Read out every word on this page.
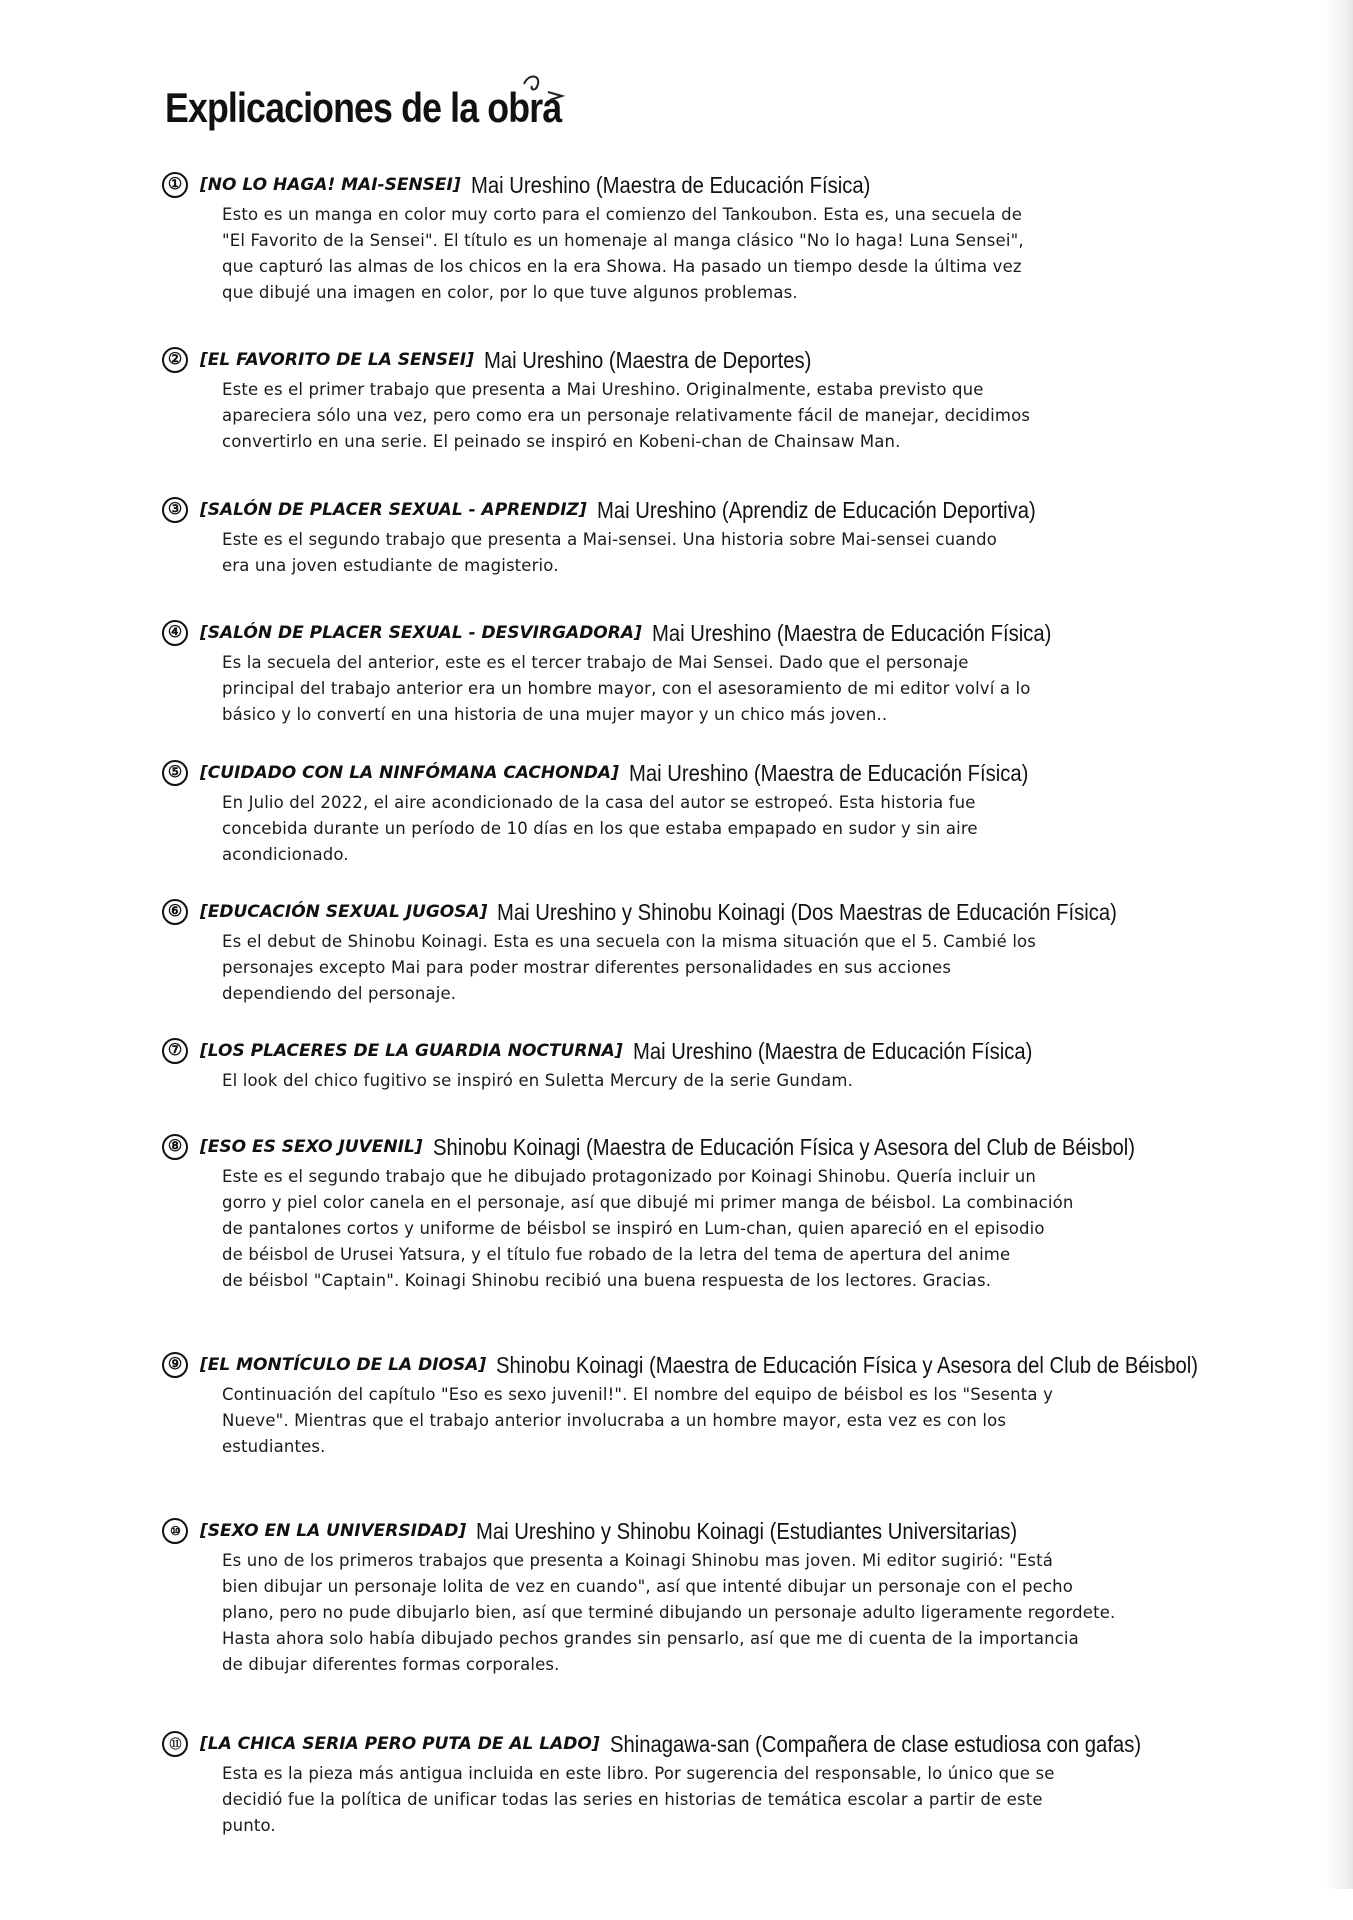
Explicaciones de la obra
①	[NO LO HAGA! MAI-SENSEI] Mai Ureshino (Maestra de Educación Física)
Esto es un manga en color muy corto para el comienzo del Tankoubon. Esta es, una secuela de
"El Favorito de la Sensei". El título es un homenaje al manga clásico "No lo haga! Luna Sensei",
que capturó las almas de los chicos en la era Showa. Ha pasado un tiempo desde la última vez
que dibujé una imagen en color, por lo que tuve algunos problemas.
②	[EL FAVORITO DE LA SENSEI] Mai Ureshino (Maestra de Deportes)
Este es el primer trabajo que presenta a Mai Ureshino. Originalmente, estaba previsto que
apareciera sólo una vez, pero como era un personaje relativamente fácil de manejar, decidimos
convertirlo en una serie. El peinado se inspiró en Kobeni-chan de Chainsaw Man.
③	[SALÓN DE PLACER SEXUAL - APRENDIZ] Mai Ureshino (Aprendiz de Educación Deportiva)
Este es el segundo trabajo que presenta a Mai-sensei. Una historia sobre Mai-sensei cuando
era una joven estudiante de magisterio.
④	[SALÓN DE PLACER SEXUAL - DESVIRGADORA] Mai Ureshino (Maestra de Educación Física)
Es la secuela del anterior, este es el tercer trabajo de Mai Sensei. Dado que el personaje
principal del trabajo anterior era un hombre mayor, con el asesoramiento de mi editor volví a lo
básico y lo convertí en una historia de una mujer mayor y un chico más joven..
⑤	[CUIDADO CON LA NINFÓMANA CACHONDA] Mai Ureshino (Maestra de Educación Física)
En Julio del 2022, el aire acondicionado de la casa del autor se estropeó. Esta historia fue
concebida durante un período de 10 días en los que estaba empapado en sudor y sin aire
acondicionado.
⑥	[EDUCACIÓN SEXUAL JUGOSA] Mai Ureshino y Shinobu Koinagi (Dos Maestras de Educación Física)
Es el debut de Shinobu Koinagi. Esta es una secuela con la misma situación que el 5. Cambié los
personajes excepto Mai para poder mostrar diferentes personalidades en sus acciones
dependiendo del personaje.
⑦	[LOS PLACERES DE LA GUARDIA NOCTURNA] Mai Ureshino (Maestra de Educación Física)
El look del chico fugitivo se inspiró en Suletta Mercury de la serie Gundam.
⑧	[ESO ES SEXO JUVENIL] Shinobu Koinagi (Maestra de Educación Física y Asesora del Club de Béisbol)
Este es el segundo trabajo que he dibujado protagonizado por Koinagi Shinobu. Quería incluir un
gorro y piel color canela en el personaje, así que dibujé mi primer manga de béisbol. La combinación
de pantalones cortos y uniforme de béisbol se inspiró en Lum-chan, quien apareció en el episodio
de béisbol de Urusei Yatsura, y el título fue robado de la letra del tema de apertura del anime
de béisbol "Captain". Koinagi Shinobu recibió una buena respuesta de los lectores. Gracias.
⑨	[EL MONTÍCULO DE LA DIOSA] Shinobu Koinagi (Maestra de Educación Física y Asesora del Club de Béisbol)
Continuación del capítulo "Eso es sexo juvenil!". El nombre del equipo de béisbol es los "Sesenta y
Nueve". Mientras que el trabajo anterior involucraba a un hombre mayor, esta vez es con los
estudiantes.
⑩	[SEXO EN LA UNIVERSIDAD] Mai Ureshino y Shinobu Koinagi (Estudiantes Universitarias)
Es uno de los primeros trabajos que presenta a Koinagi Shinobu mas joven. Mi editor sugirió: "Está
bien dibujar un personaje lolita de vez en cuando", así que intenté dibujar un personaje con el pecho
plano, pero no pude dibujarlo bien, así que terminé dibujando un personaje adulto ligeramente regordete.
Hasta ahora solo había dibujado pechos grandes sin pensarlo, así que me di cuenta de la importancia
de dibujar diferentes formas corporales.
⑪	[LA CHICA SERIA PERO PUTA DE AL LADO] Shinagawa-san (Compañera de clase estudiosa con gafas)
Esta es la pieza más antigua incluida en este libro. Por sugerencia del responsable, lo único que se
decidió fue la política de unificar todas las series en historias de temática escolar a partir de este
punto.
